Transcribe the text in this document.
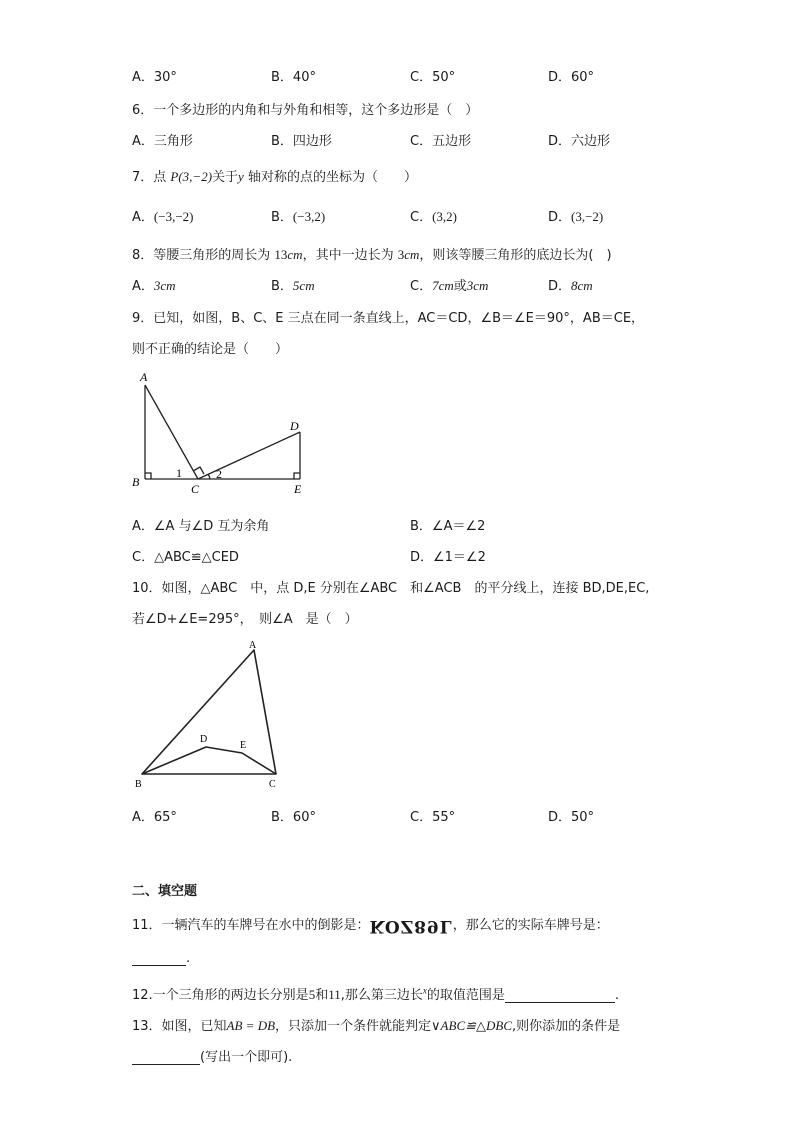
A．30°	B．40°	C．50°	D．60°
6．一个多边形的内角和与外角和相等，这个多边形是（　）
A．三角形	B．四边形	C．五边形	D．六边形
7．点 P(3,−2)关于y 轴对称的点的坐标为（　　）
A．(−3,−2)	B．(−3,2)	C．(3,2)	D．(3,−2)
8．等腰三角形的周长为 13cm，其中一边长为 3cm，则该等腰三角形的底边长为(　)
A．3cm	B．5cm	C．7cm或3cm	D．8cm
9．已知，如图，B、C、E 三点在同一条直线上，AC＝CD，∠B＝∠E＝90°，AB＝CE，
则不正确的结论是（　　）
A
B	C
D
E
1	2
A．∠A 与∠D 互为余角	B．∠A＝∠2
C．△ABC≌△CED	D．∠1＝∠2
10．如图，△ABC　中，点 D,E 分别在∠ABC　和∠ACB　的平分线上，连接 BD,DE,EC,
若∠D+∠E=295°，　则∠A　是（　）
A
B	C
D
E
A．65°	B．60°	C．55°	D．50°
二、填空题
11．一辆汽车的车牌号在水中的倒影是：KOZ89L，那么它的实际车牌号是：
.
12.一个三角形的两边长分别是5和11,那么第三边长$^x$的取值范围是	.
13．如图，已知AB = DB，只添加一个条件就能判定∨ABC≌△DBC,则你添加的条件是
(写出一个即可).
